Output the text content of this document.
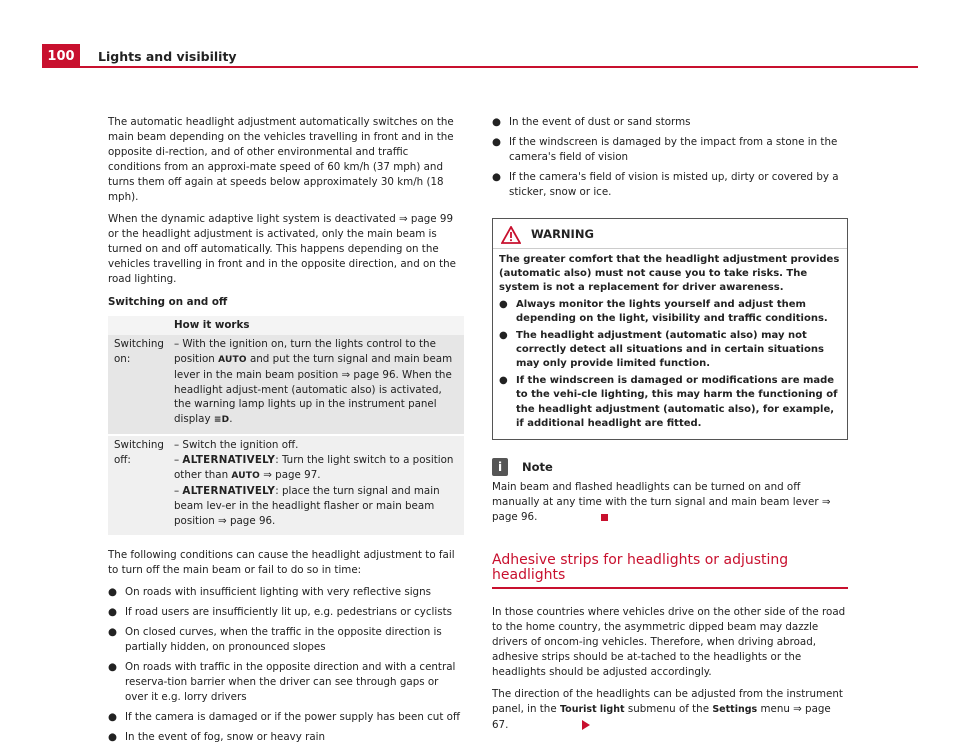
100	Lights and visibility

The automatic headlight adjustment automatically switches on the main beam depending on the vehicles travelling in front and in the opposite di-rection, and of other environmental and traffic conditions from an approxi-mate speed of 60 km/h (37 mph) and turns them off again at speeds below approximately 30 km/h (18 mph).

When the dynamic adaptive light system is deactivated ⇒ page 99 or the headlight adjustment is activated, only the main beam is turned on and off automatically. This happens depending on the vehicles travelling in front and in the opposite direction, and on the road lighting.

Switching on and off

	How it works
Switching on:	– With the ignition on, turn the lights control to the position AUTO and put the turn signal and main beam lever in the main beam position ⇒ page 96. When the headlight adjust-ment (automatic also) is activated, the warning lamp lights up in the instrument panel display ≡D.
Switching off:	– Switch the ignition off.
– ALTERNATIVELY: Turn the light switch to a position other than AUTO ⇒ page 97.
– ALTERNATIVELY: place the turn signal and main beam lev-er in the headlight flasher or main beam position ⇒ page 96.

The following conditions can cause the headlight adjustment to fail to turn off the main beam or fail to do so in time:

● On roads with insufficient lighting with very reflective signs
● If road users are insufficiently lit up, e.g. pedestrians or cyclists
● On closed curves, when the traffic in the opposite direction is partially hidden, on pronounced slopes
● On roads with traffic in the opposite direction and with a central reserva-tion barrier when the driver can see through gaps or over it e.g. lorry drivers
● If the camera is damaged or if the power supply has been cut off
● In the event of fog, snow or heavy rain
● In the event of dust or sand storms
● If the windscreen is damaged by the impact from a stone in the camera's field of vision
● If the camera's field of vision is misted up, dirty or covered by a sticker, snow or ice.
WARNING

The greater comfort that the headlight adjustment provides (automatic also) must not cause you to take risks. The system is not a replacement for driver awareness.

● Always monitor the lights yourself and adjust them depending on the light, visibility and traffic conditions.
● The headlight adjustment (automatic also) may not correctly detect all situations and in certain situations may only provide limited function.
● If the windscreen is damaged or modifications are made to the vehi-cle lighting, this may harm the functioning of the headlight adjustment (automatic also), for example, if additional headlight are fitted.
i	Note

Main beam and flashed headlights can be turned on and off manually at any time with the turn signal and main beam lever ⇒ page 96.

Adhesive strips for headlights or adjusting headlights

In those countries where vehicles drive on the other side of the road to the home country, the asymmetric dipped beam may dazzle drivers of oncom-ing vehicles. Therefore, when driving abroad, adhesive strips should be at-tached to the headlights or the headlights should be adjusted accordingly.

The direction of the headlights can be adjusted from the instrument panel, in the Tourist light submenu of the Settings menu ⇒ page 67.
